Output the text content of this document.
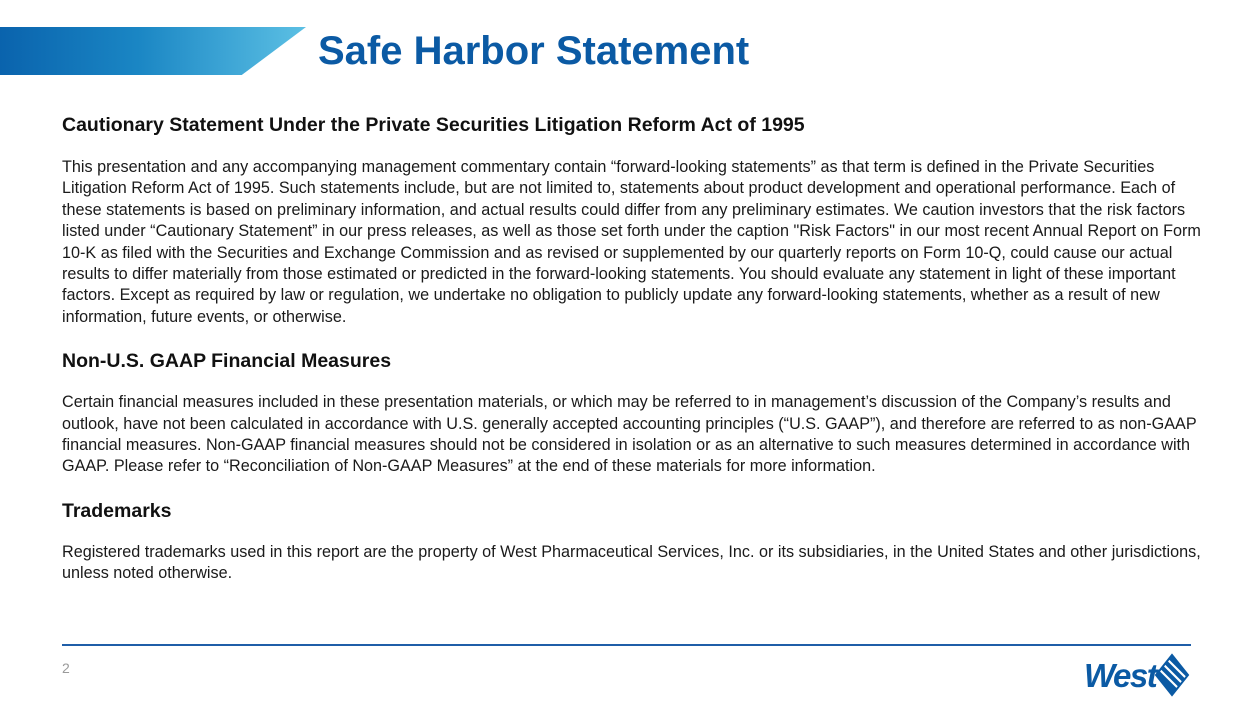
Safe Harbor Statement
Cautionary Statement Under the Private Securities Litigation Reform Act of 1995

This presentation and any accompanying management commentary contain “forward-looking statements” as that term is defined in the Private Securities Litigation Reform Act of 1995. Such statements include, but are not limited to, statements about product development and operational performance. Each of these statements is based on preliminary information, and actual results could differ from any preliminary estimates. We caution investors that the risk factors listed under “Cautionary Statement” in our press releases, as well as those set forth under the caption "Risk Factors" in our most recent Annual Report on Form 10-K as filed with the Securities and Exchange Commission and as revised or supplemented by our quarterly reports on Form 10-Q, could cause our actual results to differ materially from those estimated or predicted in the forward-looking statements. You should evaluate any statement in light of these important factors. Except as required by law or regulation, we undertake no obligation to publicly update any forward-looking statements, whether as a result of new information, future events, or otherwise.

Non-U.S. GAAP Financial Measures

Certain financial measures included in these presentation materials, or which may be referred to in management’s discussion of the Company’s results and outlook, have not been calculated in accordance with U.S. generally accepted accounting principles (“U.S. GAAP”), and therefore are referred to as non-GAAP financial measures. Non-GAAP financial measures should not be considered in isolation or as an alternative to such measures determined in accordance with GAAP. Please refer to “Reconciliation of Non-GAAP Measures” at the end of these materials for more information.

Trademarks

Registered trademarks used in this report are the property of West Pharmaceutical Services, Inc. or its subsidiaries, in the United States and other jurisdictions, unless noted otherwise.

2	West
